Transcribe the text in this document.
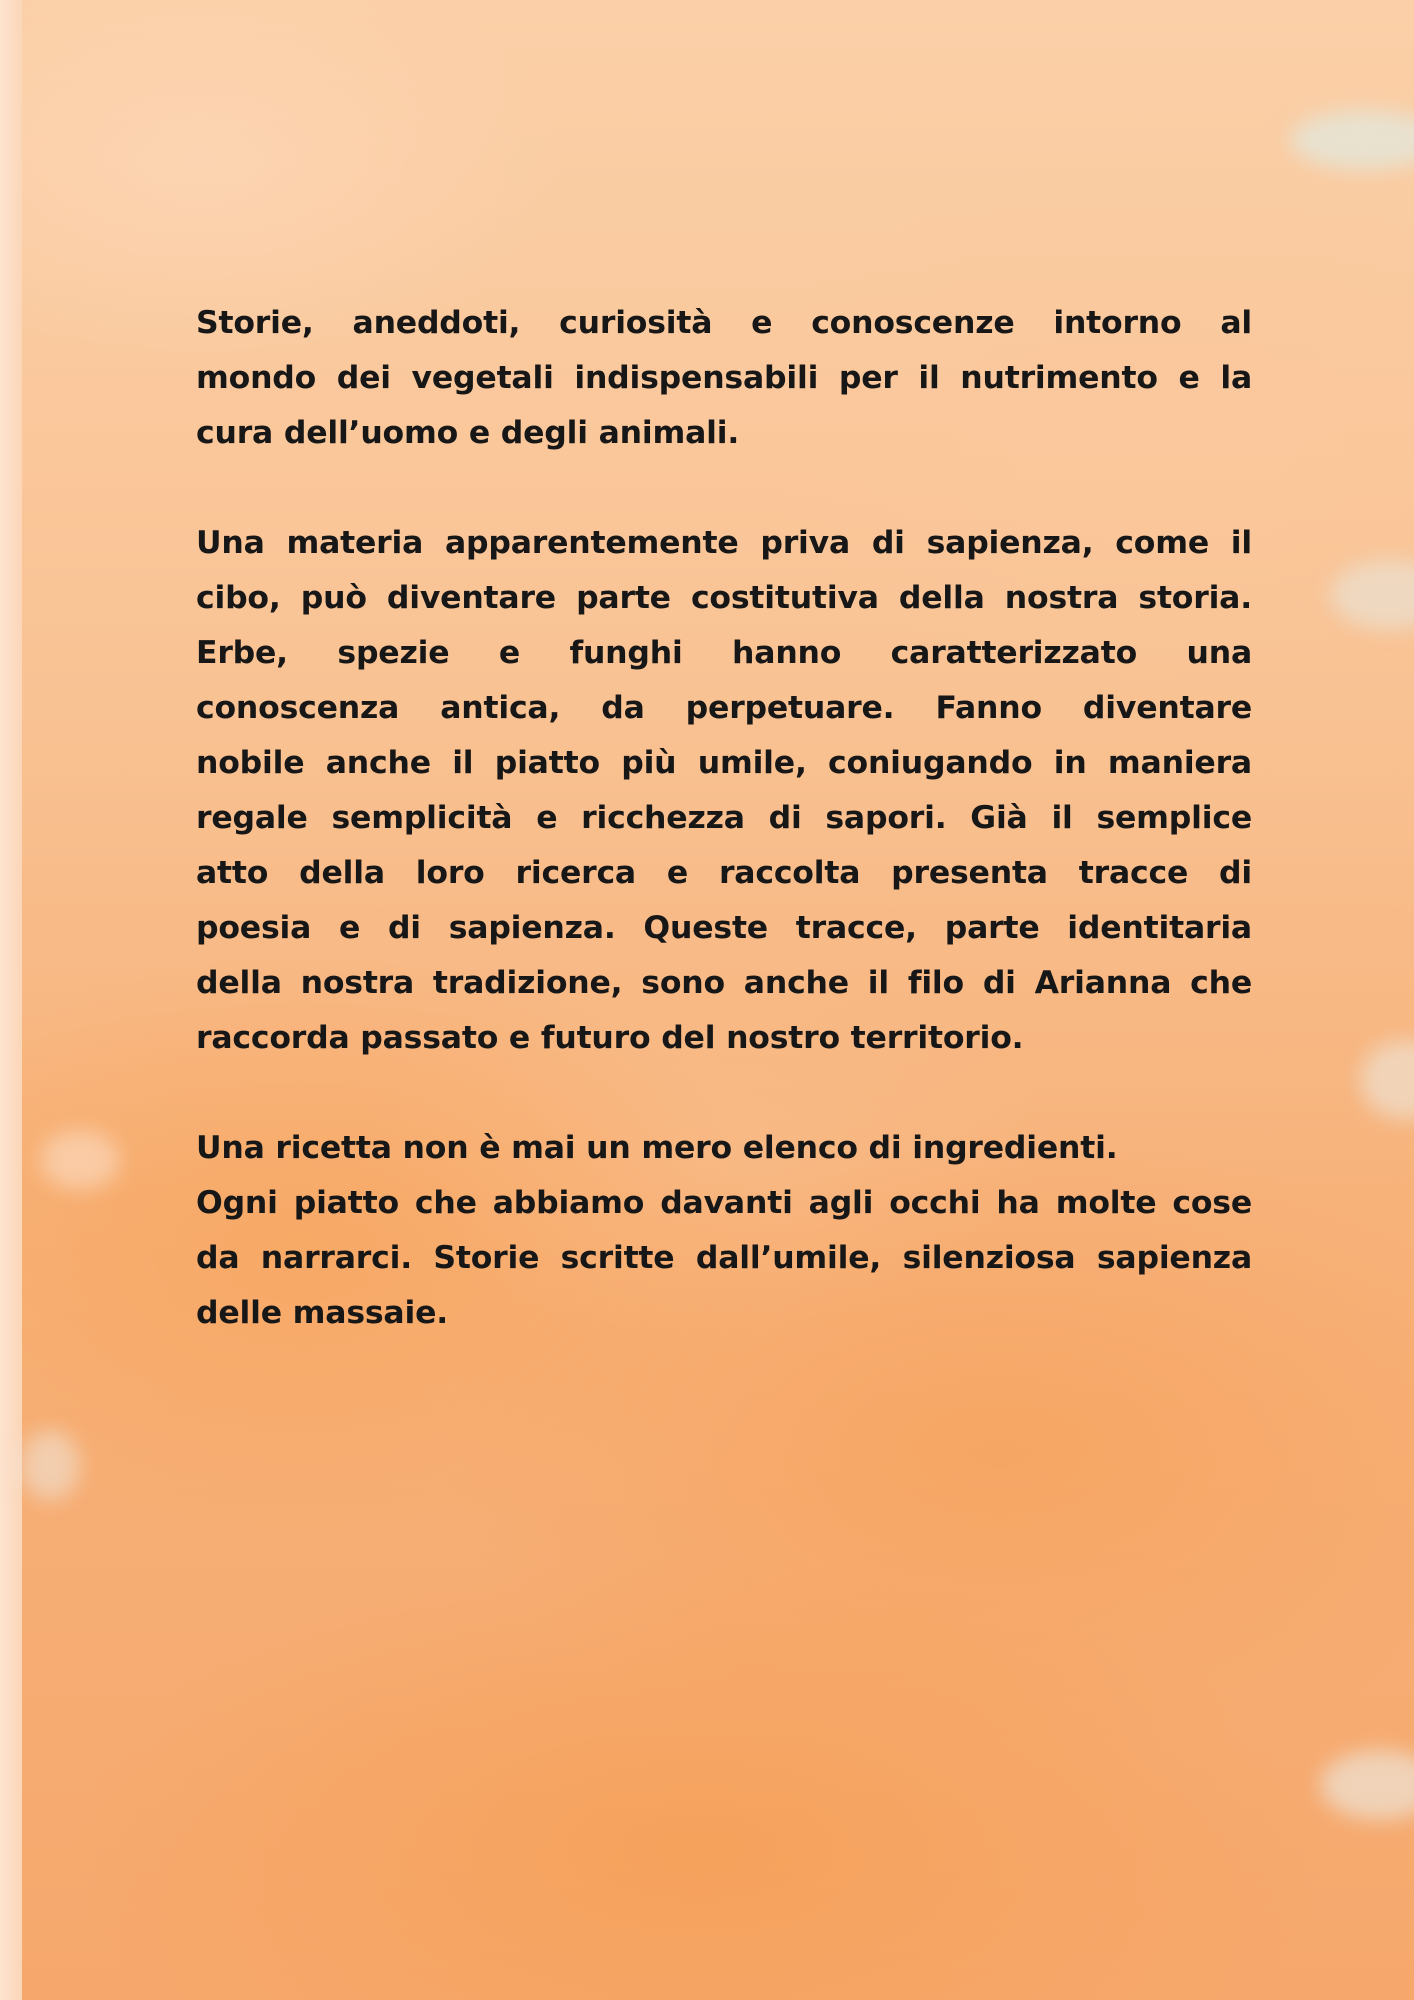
Storie, aneddoti, curiosità e conoscenze intorno al
mondo dei vegetali indispensabili per il nutrimento e la
cura dell’uomo e degli animali.

Una materia apparentemente priva di sapienza, come il
cibo, può diventare parte costitutiva della nostra storia.
Erbe, spezie e funghi hanno caratterizzato una
conoscenza antica, da perpetuare. Fanno diventare
nobile anche il piatto più umile, coniugando in maniera
regale semplicità e ricchezza di sapori. Già il semplice
atto della loro ricerca e raccolta presenta tracce di
poesia e di sapienza. Queste tracce, parte identitaria
della nostra tradizione, sono anche il filo di Arianna che
raccorda passato e futuro del nostro territorio.

Una ricetta non è mai un mero elenco di ingredienti.
Ogni piatto che abbiamo davanti agli occhi ha molte cose
da narrarci. Storie scritte dall’umile, silenziosa sapienza
delle massaie.
